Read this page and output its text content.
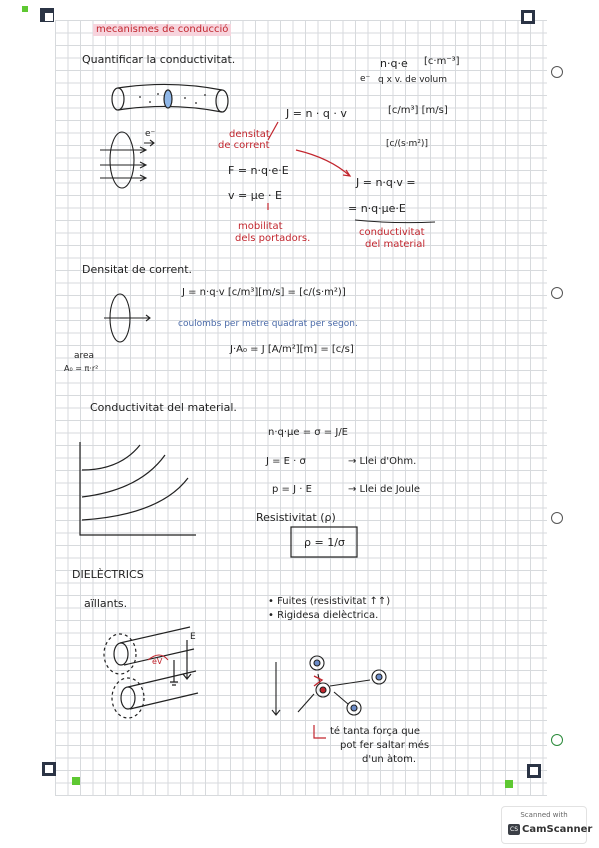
mecanismes de conducció
Quantificar la conductivitat.	n·q·e [c·m⁻³]
e⁻ q x v. de volum
J = n · q · v	[c/m³] [m/s]
[c/(s·m²)]
e⁻	densitat
de corrent
F = n·q·e·E
v = μe · E
mobilitat
dels portadors.
J = n·q·v =
= n·q·μe·E
conductivitat
del material
Densitat de corrent.
J = n·q·v [c/m³][m/s] = [c/(s·m²)]
coulombs per metre quadrat per segon.
area
A₀ = π·r²
J·A₀ = J [A/m²][m] = [c/s]
Conductivitat del material.
n·q·μe = σ = J/E
J = E · σ	→ Llei d'Ohm.
p = J · E	→ Llei de Joule
Resistivitat (ρ)
ρ = 1/σ
DIELÈCTRICS
aïllants.	• Fuites (resistivitat ↑↑)
• Rigidesa dielèctrica.
eV
E
té tanta força que
pot fer saltar més
d'un àtom.
Scanned with
CS CamScanner
